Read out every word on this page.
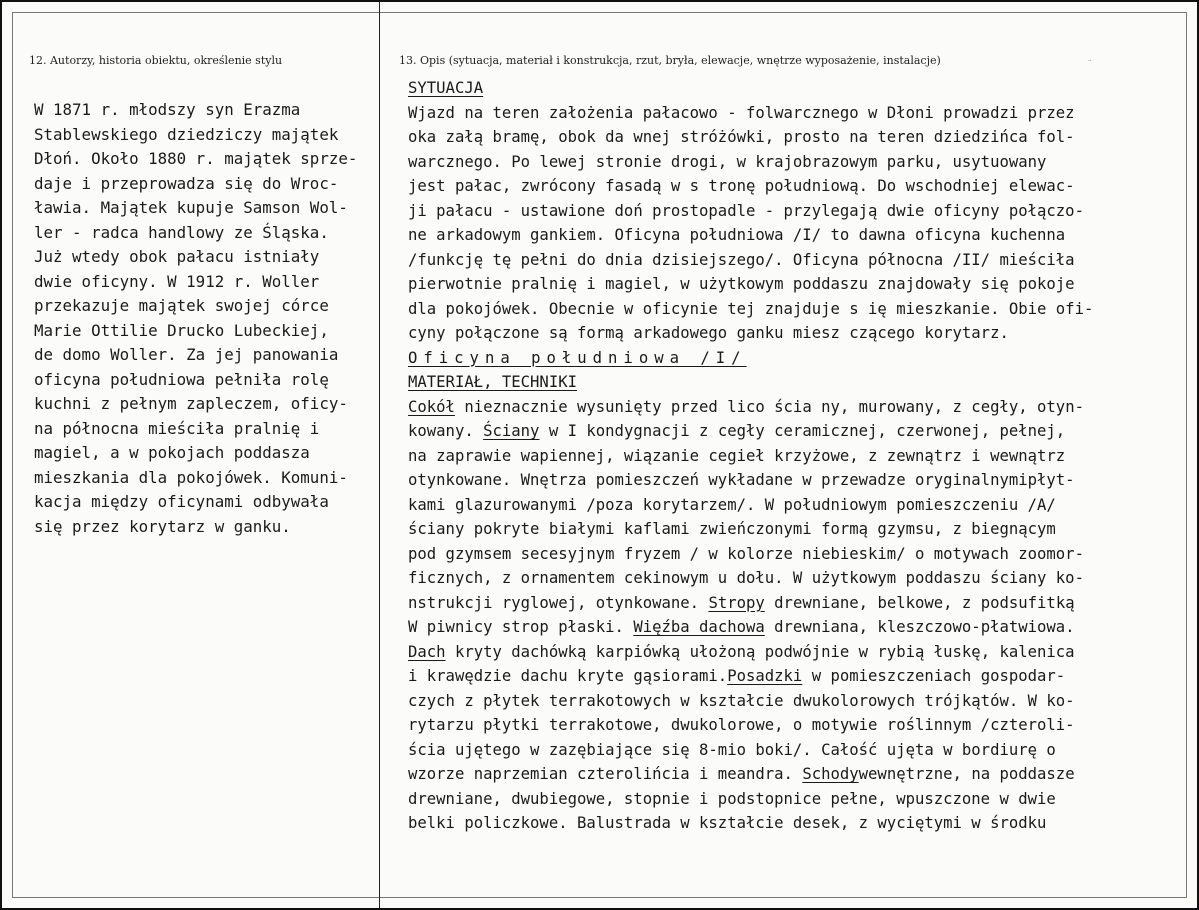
12. Autorzy, historia obiektu, określenie stylu	13. Opis (sytuacja, materiał i konstrukcja, rzut, bryła, elewacje, wnętrze wyposażenie, instalacje)	¨
W 1871 r. młodszy syn Erazma
Stablewskiego dziedziczy majątek
Dłoń. Około 1880 r. majątek sprze-
daje i przeprowadza się do Wroc-
ławia. Majątek kupuje Samson Wol-
ler - radca handlowy ze Śląska.
Już wtedy obok pałacu istniały
dwie oficyny. W 1912 r. Woller
przekazuje majątek swojej córce
Marie Ottilie Drucko Lubeckiej,
de domo Woller. Za jej panowania
oficyna południowa pełniła rolę
kuchni z pełnym zapleczem, oficy-
na północna mieściła pralnię i
magiel, a w pokojach poddasza
mieszkania dla pokojówek. Komuni-
kacja między oficynami odbywała
się przez korytarz w ganku.
SYTUACJA
Wjazd na teren założenia pałacowo - folwarcznego w Dłoni prowadzi przez
oka załą bramę, obok da wnej stróżówki, prosto na teren dziedzińca fol-
warcznego. Po lewej stronie drogi, w krajobrazowym parku, usytuowany
jest pałac, zwrócony fasadą w s tronę południową. Do wschodniej elewac-
ji pałacu - ustawione doń prostopadle - przylegają dwie oficyny połączo-
ne arkadowym gankiem. Oficyna południowa /I/ to dawna oficyna kuchenna
/funkcję tę pełni do dnia dzisiejszego/. Oficyna północna /II/ mieściła
pierwotnie pralnię i magiel, w użytkowym poddaszu znajdowały się pokoje
dla pokojówek. Obecnie w oficynie tej znajduje s ię mieszkanie. Obie ofi-
cyny połączone są formą arkadowego ganku miesz czącego korytarz.
Oficyna południowa /I/
MATERIAŁ, TECHNIKI
Cokół nieznacznie wysunięty przed lico ścia ny, murowany, z cegły, otyn-
kowany. Ściany w I kondygnacji z cegły ceramicznej, czerwonej, pełnej,
na zaprawie wapiennej, wiązanie cegieł krzyżowe, z zewnątrz i wewnątrz
otynkowane. Wnętrza pomieszczeń wykładane w przewadze oryginalnymipłyt-
kami glazurowanymi /poza korytarzem/. W południowym pomieszczeniu /A/
ściany pokryte białymi kaflami zwieńczonymi formą gzymsu, z biegnącym
pod gzymsem secesyjnym fryzem / w kolorze niebieskim/ o motywach zoomor-
ficznych, z ornamentem cekinowym u dołu. W użytkowym poddaszu ściany ko-
nstrukcji ryglowej, otynkowane. Stropy drewniane, belkowe, z podsufitką
W piwnicy strop płaski. Więźba dachowa drewniana, kleszczowo-płatwiowa.
Dach kryty dachówką karpiówką ułożoną podwójnie w rybią łuskę, kalenica
i krawędzie dachu kryte gąsiorami.Posadzki w pomieszczeniach gospodar-
czych z płytek terrakotowych w kształcie dwukolorowych trójkątów. W ko-
rytarzu płytki terrakotowe, dwukolorowe, o motywie roślinnym /czteroli-
ścia ujętego w zazębiające się 8-mio boki/. Całość ujęta w bordiurę o
wzorze naprzemian czterolińcia i meandra. Schodywewnętrzne, na poddasze
drewniane, dwubiegowe, stopnie i podstopnice pełne, wpuszczone w dwie
belki policzkowe. Balustrada w kształcie desek, z wyciętymi w środku
